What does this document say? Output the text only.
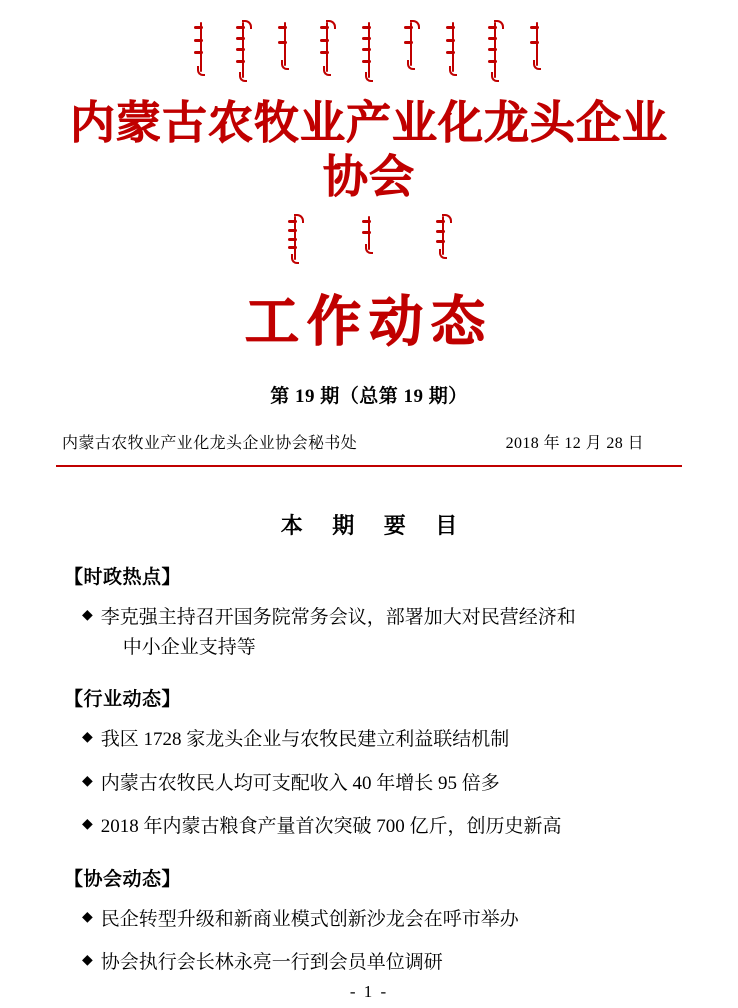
内蒙古农牧业产业化龙头企业协会
工作动态
第 19 期（总第 19 期）
内蒙古农牧业产业化龙头企业协会秘书处	2018 年 12 月 28 日
本 期 要 目
【时政热点】
◆ 李克强主持召开国务院常务会议，部署加大对民营经济和
中小企业支持等
【行业动态】
◆ 我区 1728 家龙头企业与农牧民建立利益联结机制
◆ 内蒙古农牧民人均可支配收入 40 年增长 95 倍多
◆ 2018 年内蒙古粮食产量首次突破 700 亿斤，创历史新高
【协会动态】
◆ 民企转型升级和新商业模式创新沙龙会在呼市举办
◆ 协会执行会长林永亮一行到会员单位调研
- 1 -
